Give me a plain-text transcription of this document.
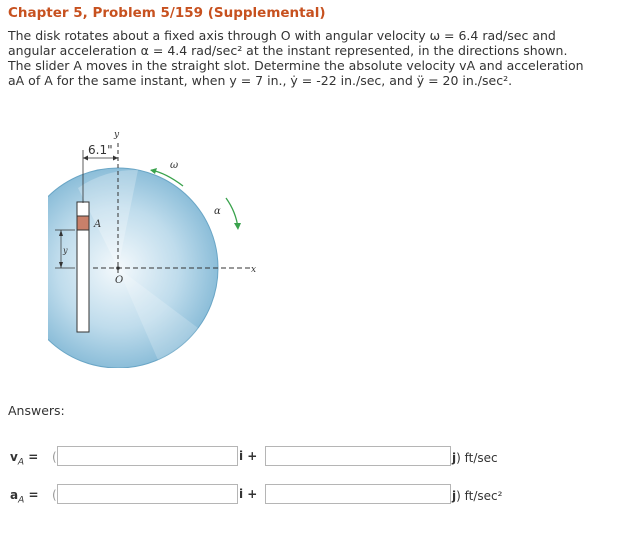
Chapter 5, Problem 5/159 (Supplemental)
The disk rotates about a fixed axis through O with angular velocity ω = 6.4 rad/sec and
angular acceleration α = 4.4 rad/sec² at the instant represented, in the directions shown.
The slider A moves in the straight slot. Determine the absolute velocity vA and acceleration
aA of A for the same instant, when y = 7 in., ẏ = -22 in./sec, and ÿ = 20 in./sec².
A
y
x
O
6.1"
y
ω
α
Answers:
$v_A$ = (	i +	j) ft/sec
$a_A$ = (	i +	j) ft/sec²
